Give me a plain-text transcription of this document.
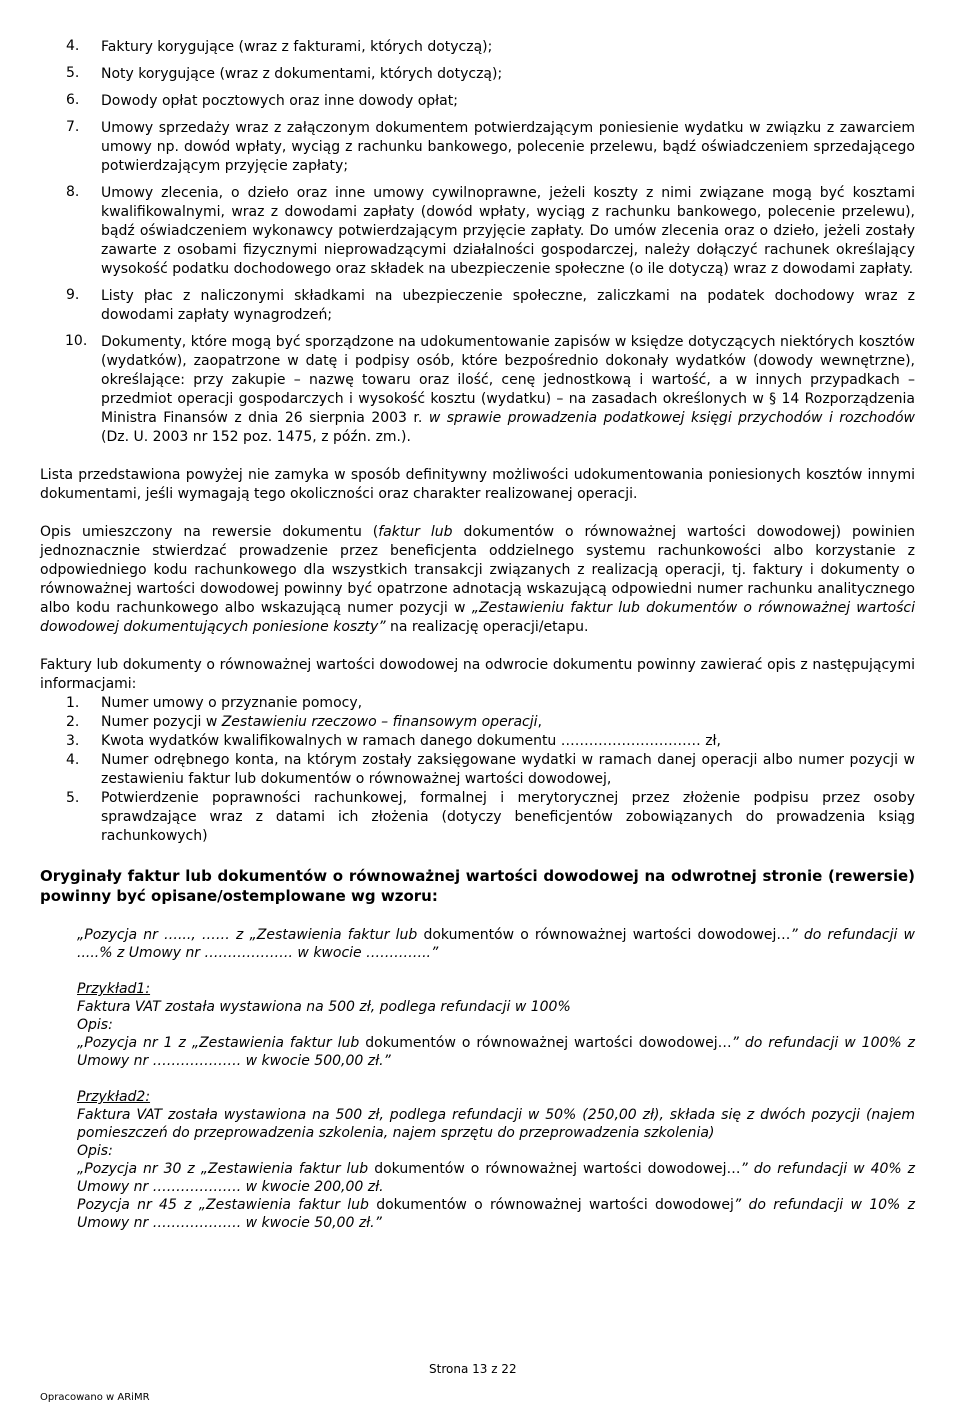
4. Faktury korygujące (wraz z fakturami, których dotyczą);
5. Noty korygujące (wraz z dokumentami, których dotyczą);
6. Dowody opłat pocztowych oraz inne dowody opłat;
7. Umowy sprzedaży wraz z załączonym dokumentem potwierdzającym poniesienie wydatku w związku z zawarciem umowy np. dowód wpłaty, wyciąg z rachunku bankowego, polecenie przelewu, bądź oświadczeniem sprzedającego potwierdzającym przyjęcie zapłaty;
8. Umowy zlecenia, o dzieło oraz inne umowy cywilnoprawne, jeżeli koszty z nimi związane mogą być kosztami kwalifikowalnymi, wraz z dowodami zapłaty (dowód wpłaty, wyciąg z rachunku bankowego, polecenie przelewu), bądź oświadczeniem wykonawcy potwierdzającym przyjęcie zapłaty. Do umów zlecenia oraz o dzieło, jeżeli zostały zawarte z osobami fizycznymi nieprowadzącymi działalności gospodarczej, należy dołączyć rachunek określający wysokość podatku dochodowego oraz składek na ubezpieczenie społeczne (o ile dotyczą) wraz z dowodami zapłaty.
9. Listy płac z naliczonymi składkami na ubezpieczenie społeczne, zaliczkami na podatek dochodowy wraz z dowodami zapłaty wynagrodzeń;
10. Dokumenty, które mogą być sporządzone na udokumentowanie zapisów w księdze dotyczących niektórych kosztów (wydatków), zaopatrzone w datę i podpisy osób, które bezpośrednio dokonały wydatków (dowody wewnętrzne), określające: przy zakupie – nazwę towaru oraz ilość, cenę jednostkową i wartość, a w innych przypadkach – przedmiot operacji gospodarczych i wysokość kosztu (wydatku) – na zasadach określonych w § 14 Rozporządzenia Ministra Finansów z dnia 26 sierpnia 2003 r. w sprawie prowadzenia podatkowej księgi przychodów i rozchodów (Dz. U. 2003 nr 152 poz. 1475, z późn. zm.).

Lista przedstawiona powyżej nie zamyka w sposób definitywny możliwości udokumentowania poniesionych kosztów innymi dokumentami, jeśli wymagają tego okoliczności oraz charakter realizowanej operacji.

Opis umieszczony na rewersie dokumentu (faktur lub dokumentów o równoważnej wartości dowodowej) powinien jednoznacznie stwierdzać prowadzenie przez beneficjenta oddzielnego systemu rachunkowości albo korzystanie z odpowiedniego kodu rachunkowego dla wszystkich transakcji związanych z realizacją operacji, tj. faktury i dokumenty o równoważnej wartości dowodowej powinny być opatrzone adnotacją wskazującą odpowiedni numer rachunku analitycznego albo kodu rachunkowego albo wskazującą numer pozycji w „Zestawieniu faktur lub dokumentów o równoważnej wartości dowodowej dokumentujących poniesione koszty” na realizację operacji/etapu.

Faktury lub dokumenty o równoważnej wartości dowodowej na odwrocie dokumentu powinny zawierać opis z następującymi informacjami:

1. Numer umowy o przyznanie pomocy,
2. Numer pozycji w Zestawieniu rzeczowo – finansowym operacji,
3. Kwota wydatków kwalifikowalnych w ramach danego dokumentu ………………………… zł,
4. Numer odrębnego konta, na którym zostały zaksięgowane wydatki w ramach danej operacji albo numer pozycji w zestawieniu faktur lub dokumentów o równoważnej wartości dowodowej,
5. Potwierdzenie poprawności rachunkowej, formalnej i merytorycznej przez złożenie podpisu przez osoby sprawdzające wraz z datami ich złożenia (dotyczy beneficjentów zobowiązanych do prowadzenia ksiąg rachunkowych)

Oryginały faktur lub dokumentów o równoważnej wartości dowodowej na odwrotnej stronie (rewersie) powinny być opisane/ostemplowane wg wzoru:

„Pozycja nr …..., …… z „Zestawienia faktur lub dokumentów o równoważnej wartości dowodowej…” do refundacji w .....% z Umowy nr ………………. w kwocie …………..”

Przykład1:

Faktura VAT została wystawiona na 500 zł, podlega refundacji w 100%

Opis:

„Pozycja nr 1 z „Zestawienia faktur lub dokumentów o równoważnej wartości dowodowej…” do refundacji w 100% z Umowy nr ………………. w kwocie 500,00 zł.”

Przykład2:

Faktura VAT została wystawiona na 500 zł, podlega refundacji w 50% (250,00 zł), składa się z dwóch pozycji (najem pomieszczeń do przeprowadzenia szkolenia, najem sprzętu do przeprowadzenia szkolenia)

Opis:

„Pozycja nr 30 z „Zestawienia faktur lub dokumentów o równoważnej wartości dowodowej…” do refundacji w 40% z Umowy nr ………………. w kwocie 200,00 zł.

Pozycja nr 45 z „Zestawienia faktur lub dokumentów o równoważnej wartości dowodowej” do refundacji w 10% z Umowy nr ………………. w kwocie 50,00 zł.”

Strona 13 z 22
Opracowano w ARiMR
